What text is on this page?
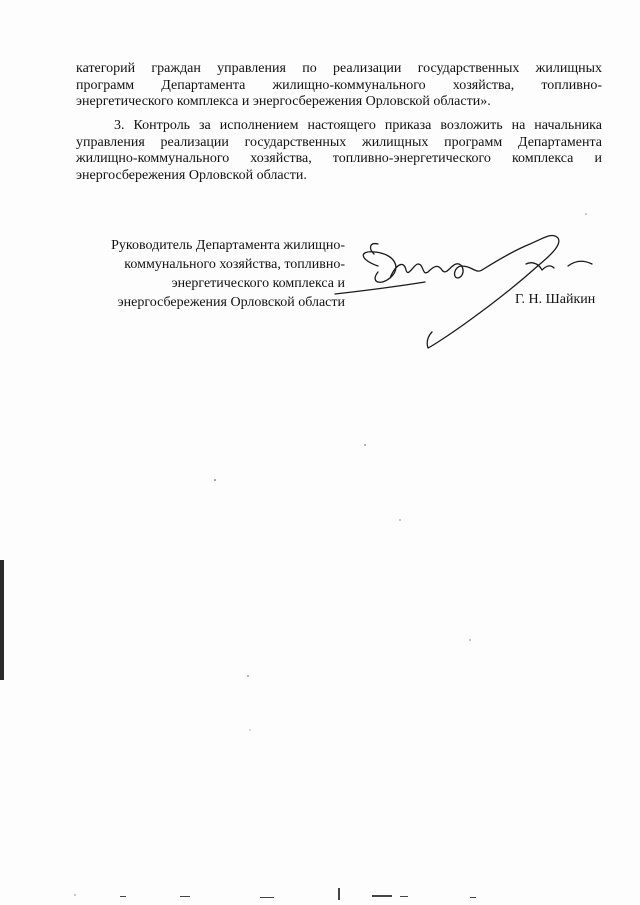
категорий граждан управления по реализации государственных жилищных
программ Департамента жилищно-коммунального хозяйства, топливно-
энергетического комплекса и энергосбережения Орловской области».
3. Контроль за исполнением настоящего приказа возложить на начальника
управления реализации государственных жилищных программ Департамента
жилищно-коммунального хозяйства, топливно-энергетического комплекса и
энергосбережения Орловской области.
Руководитель Департамента жилищно-
коммунального хозяйства, топливно-
энергетического комплекса и
энергосбережения Орловской области	Г. Н. Шайкин
